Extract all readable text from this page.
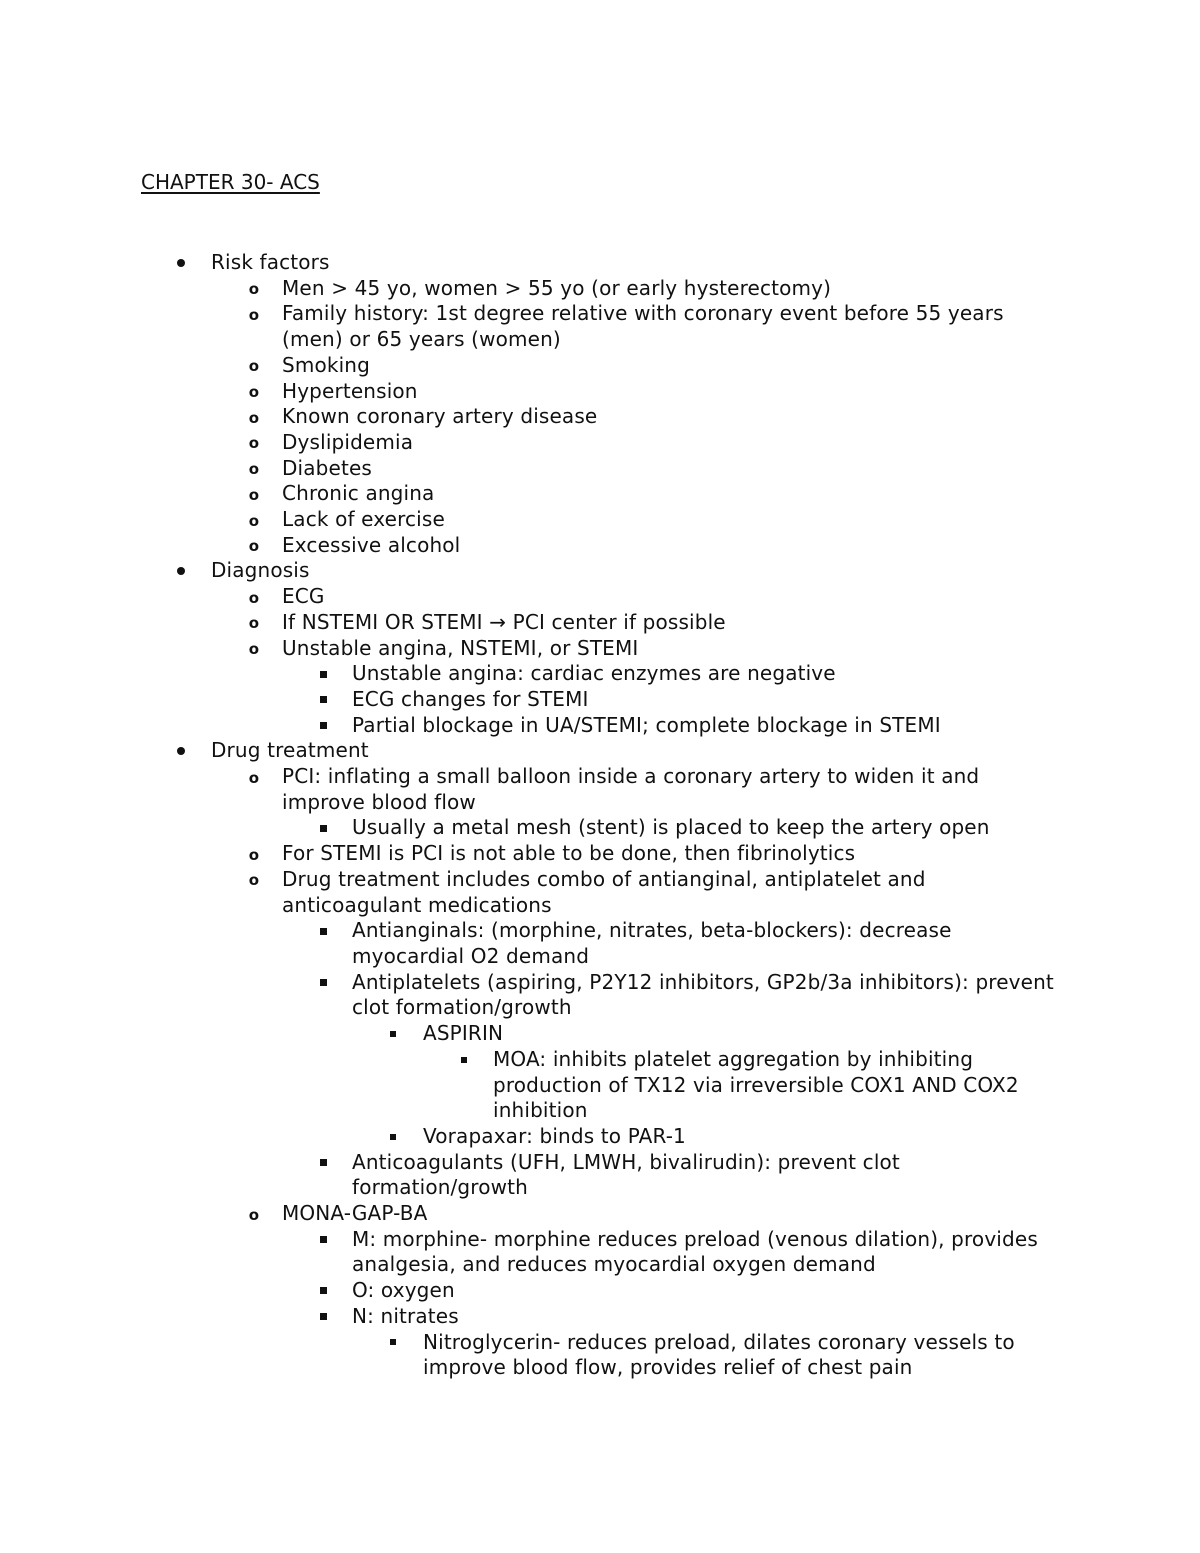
CHAPTER 30- ACS
Risk factors
o Men > 45 yo, women > 55 yo (or early hysterectomy)
o Family history: 1st degree relative with coronary event before 55 years (men) or 65 years (women)
o Smoking
o Hypertension
o Known coronary artery disease
o Dyslipidemia
o Diabetes
o Chronic angina
o Lack of exercise
o Excessive alcohol
Diagnosis
o ECG
o If NSTEMI OR STEMI → PCI center if possible
o Unstable angina, NSTEMI, or STEMI
Unstable angina: cardiac enzymes are negative
ECG changes for STEMI
Partial blockage in UA/STEMI; complete blockage in STEMI
Drug treatment
o PCI: inflating a small balloon inside a coronary artery to widen it and improve blood flow
Usually a metal mesh (stent) is placed to keep the artery open
o For STEMI is PCI is not able to be done, then fibrinolytics
o Drug treatment includes combo of antianginal, antiplatelet and anticoagulant medications
Antianginals: (morphine, nitrates, beta-blockers): decrease myocardial O2 demand
Antiplatelets (aspiring, P2Y12 inhibitors, GP2b/3a inhibitors): prevent clot formation/growth
ASPIRIN
MOA: inhibits platelet aggregation by inhibiting production of TX12 via irreversible COX1 AND COX2 inhibition
Vorapaxar: binds to PAR-1
Anticoagulants (UFH, LMWH, bivalirudin): prevent clot formation/growth
o MONA-GAP-BA
M: morphine- morphine reduces preload (venous dilation), provides analgesia, and reduces myocardial oxygen demand
O: oxygen
N: nitrates
Nitroglycerin- reduces preload, dilates coronary vessels to improve blood flow, provides relief of chest pain
